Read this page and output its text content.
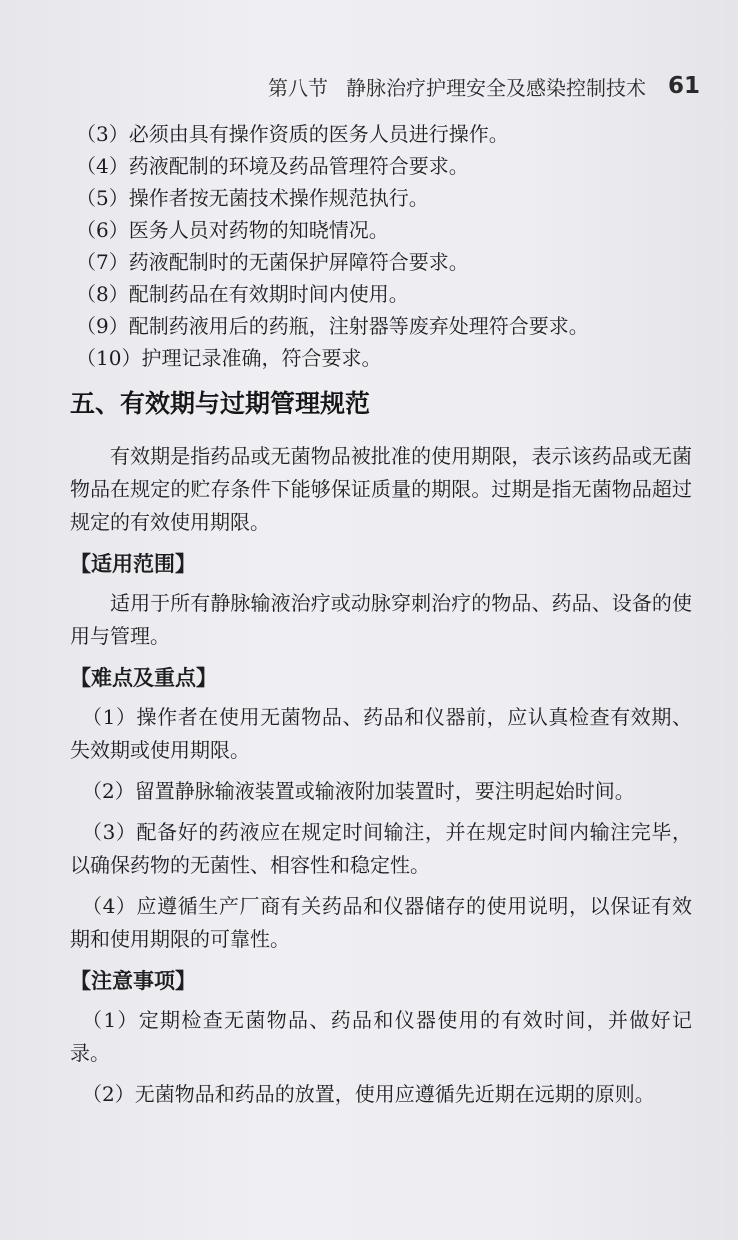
第八节 静脉治疗护理安全及感染控制技术 61

（3）必须由具有操作资质的医务人员进行操作。

（4）药液配制的环境及药品管理符合要求。

（5）操作者按无菌技术操作规范执行。

（6）医务人员对药物的知晓情况。

（7）药液配制时的无菌保护屏障符合要求。

（8）配制药品在有效期时间内使用。

（9）配制药液用后的药瓶，注射器等废弃处理符合要求。

（10）护理记录准确，符合要求。

五、有效期与过期管理规范

有效期是指药品或无菌物品被批准的使用期限，表示该药品或无菌物品在规定的贮存条件下能够保证质量的期限。过期是指无菌物品超过规定的有效使用期限。

【适用范围】

适用于所有静脉输液治疗或动脉穿刺治疗的物品、药品、设备的使用与管理。

【难点及重点】

（1）操作者在使用无菌物品、药品和仪器前，应认真检查有效期、失效期或使用期限。

（2）留置静脉输液装置或输液附加装置时，要注明起始时间。

（3）配备好的药液应在规定时间输注，并在规定时间内输注完毕，以确保药物的无菌性、相容性和稳定性。

（4）应遵循生产厂商有关药品和仪器储存的使用说明，以保证有效期和使用期限的可靠性。

【注意事项】

（1）定期检查无菌物品、药品和仪器使用的有效时间，并做好记录。

（2）无菌物品和药品的放置，使用应遵循先近期在远期的原则。
